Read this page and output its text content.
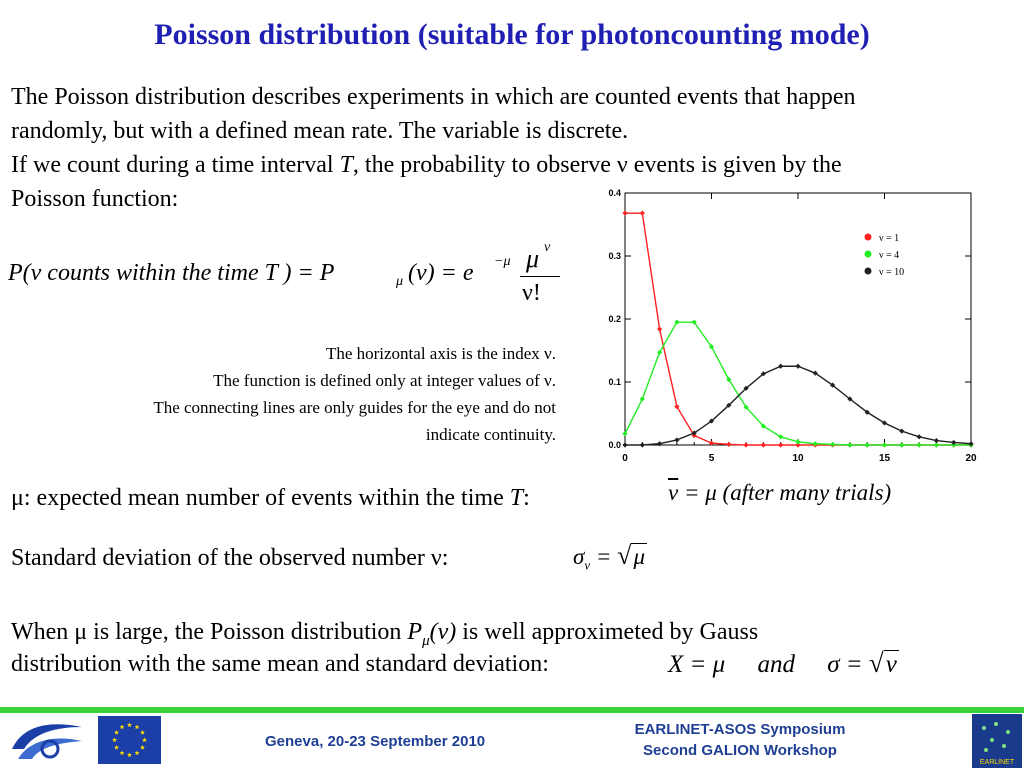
Poisson distribution (suitable for photoncounting mode)
The Poisson distribution describes experiments in which are counted events that happen
randomly, but with a defined mean rate. The variable is discrete.
If we count during a time interval T, the probability to observe ν events is given by the
Poisson function:
P(ν counts within the time T ) = P	μ (ν) = e −μ μ ν
ν!
The horizontal axis is the index ν.
The function is defined only at integer values of ν.
The connecting lines are only guides for the eye and do not
indicate continuity.
0	5	10	15	20
0.0
0.1
0.2
0.3
0.4
ν = 1
ν = 4
ν = 10
μ: expected mean number of events within the time T:	$\overline{\nu} = \mu$ (after many trials)
Standard deviation of the observed number ν:	$\sigma_\nu = √\mu$
When μ is large, the Poisson distribution $P_\mu(\nu)$ is well approximeted by Gauss
distribution with the same mean and standard deviation:	X = μ and σ = √ν
Geneva, 20-23 September 2010
EARLINET-ASOS Symposium
Second GALION Workshop
EARLINET
